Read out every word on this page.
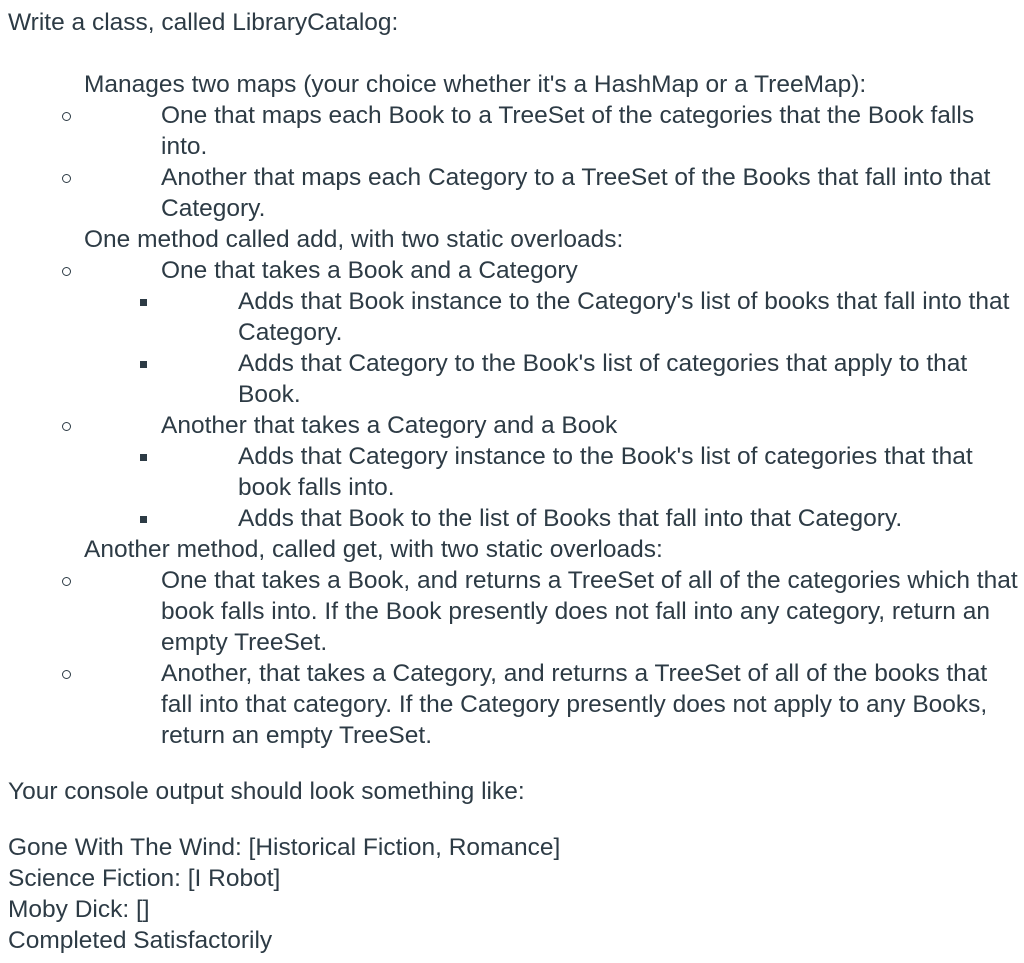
Write a class, called LibraryCatalog:

Manages two maps (your choice whether it's a HashMap or a TreeMap):
One that maps each Book to a TreeSet of the categories that the Book falls into.
Another that maps each Category to a TreeSet of the Books that fall into that Category.
One method called add, with two static overloads:
One that takes a Book and a Category
Adds that Book instance to the Category's list of books that fall into that Category.
Adds that Category to the Book's list of categories that apply to that Book.
Another that takes a Category and a Book
Adds that Category instance to the Book's list of categories that that book falls into.
Adds that Book to the list of Books that fall into that Category.
Another method, called get, with two static overloads:
One that takes a Book, and returns a TreeSet of all of the categories which that book falls into. If the Book presently does not fall into any category, return an empty TreeSet.
Another, that takes a Category, and returns a TreeSet of all of the books that fall into that category. If the Category presently does not apply to any Books, return an empty TreeSet.

Your console output should look something like:

Gone With The Wind: [Historical Fiction, Romance]
Science Fiction: [I Robot]
Moby Dick: []
Completed Satisfactorily
